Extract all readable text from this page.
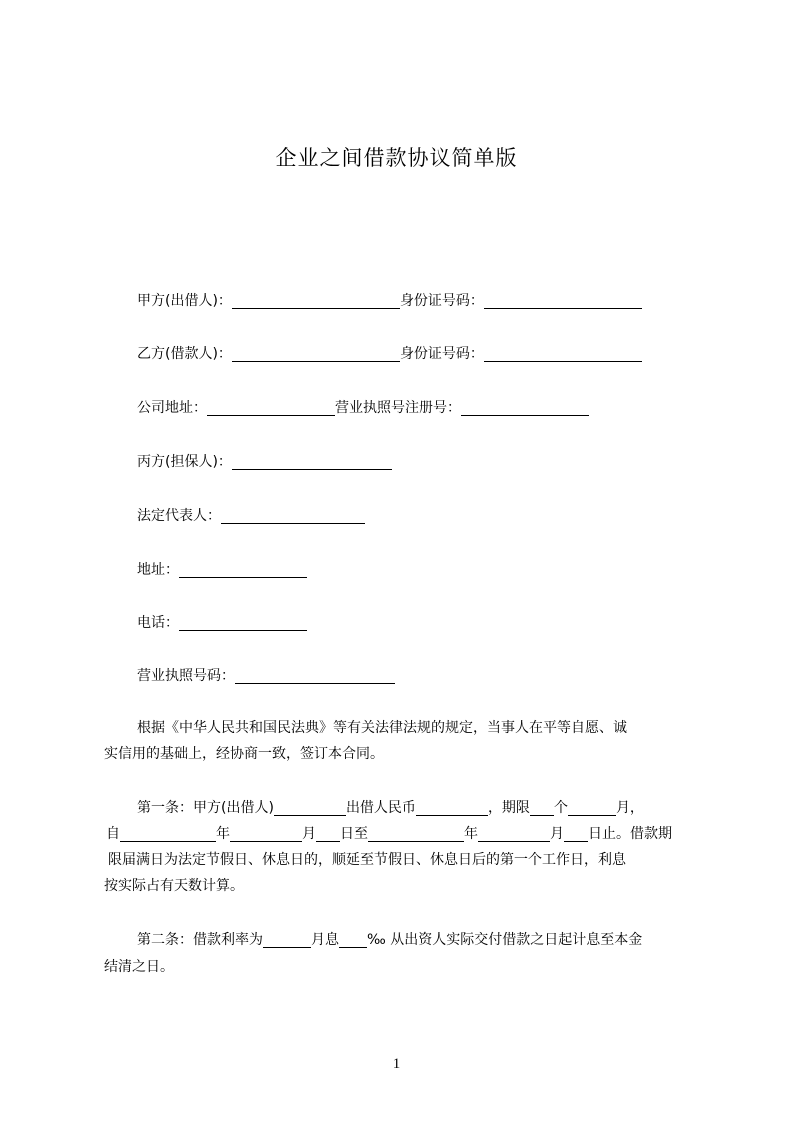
企业之间借款协议简单版
甲方(出借人)：	身份证号码：
乙方(借款人)：	身份证号码：
公司地址：	营业执照号注册号：
丙方(担保人)：
法定代表人：
地址：
电话：
营业执照号码：
根据《中华人民共和国民法典》等有关法律法规的规定，当事人在平等自愿、诚
实信用的基础上，经协商一致，签订本合同。
第一条：甲方(出借人)	出借人民币	，期限 个	月，
自	年	月 日至	年	月 日止。借款期
限届满日为法定节假日、休息日的，顺延至节假日、休息日后的第一个工作日，利息
按实际占有天数计算。
第二条：借款利率为	月息 ‰ 从出资人实际交付借款之日起计息至本金
结清之日。
1
